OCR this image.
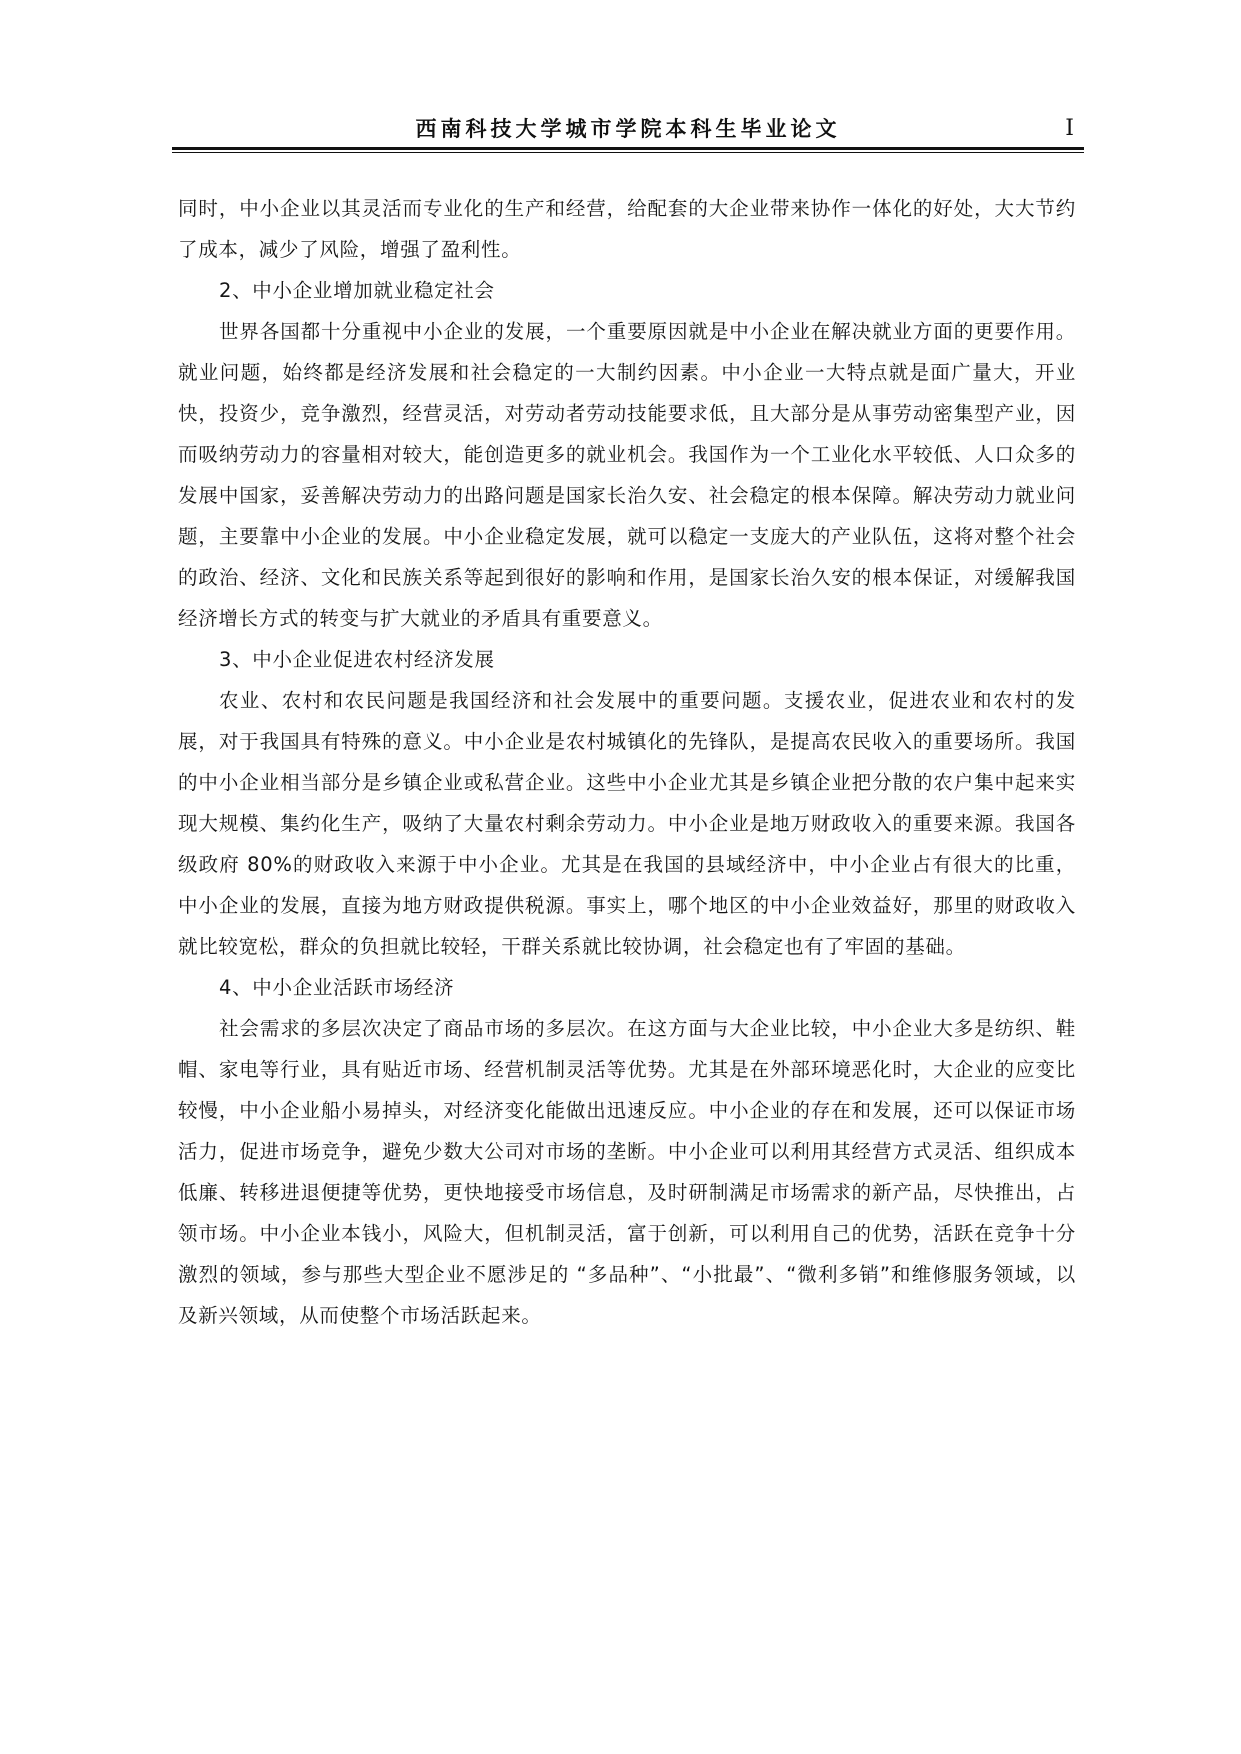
西南科技大学城市学院本科生毕业论文	I

同时，中小企业以其灵活而专业化的生产和经营，给配套的大企业带来协作一体化的好处，大大节约了成本，减少了风险，增强了盈利性。

2、中小企业增加就业稳定社会

世界各国都十分重视中小企业的发展，一个重要原因就是中小企业在解决就业方面的更要作用。就业问题，始终都是经济发展和社会稳定的一大制约因素。中小企业一大特点就是面广量大，开业快，投资少，竞争激烈，经营灵活，对劳动者劳动技能要求低，且大部分是从事劳动密集型产业，因而吸纳劳动力的容量相对较大，能创造更多的就业机会。我国作为一个工业化水平较低、人口众多的发展中国家，妥善解决劳动力的出路问题是国家长治久安、社会稳定的根本保障。解决劳动力就业问题，主要靠中小企业的发展。中小企业稳定发展，就可以稳定一支庞大的产业队伍，这将对整个社会的政治、经济、文化和民族关系等起到很好的影响和作用，是国家长治久安的根本保证，对缓解我国经济增长方式的转变与扩大就业的矛盾具有重要意义。

3、中小企业促进农村经济发展

农业、农村和农民问题是我国经济和社会发展中的重要问题。支援农业，促进农业和农村的发展，对于我国具有特殊的意义。中小企业是农村城镇化的先锋队，是提高农民收入的重要场所。我国的中小企业相当部分是乡镇企业或私营企业。这些中小企业尤其是乡镇企业把分散的农户集中起来实现大规模、集约化生产，吸纳了大量农村剩余劳动力。中小企业是地万财政收入的重要来源。我国各级政府 80%的财政收入来源于中小企业。尤其是在我国的县域经济中，中小企业占有很大的比重，中小企业的发展，直接为地方财政提供税源。事实上，哪个地区的中小企业效益好，那里的财政收入就比较宽松，群众的负担就比较轻，干群关系就比较协调，社会稳定也有了牢固的基础。

4、中小企业活跃市场经济

社会需求的多层次决定了商品市场的多层次。在这方面与大企业比较，中小企业大多是纺织、鞋帽、家电等行业，具有贴近市场、经营机制灵活等优势。尤其是在外部环境恶化时，大企业的应变比较慢，中小企业船小易掉头，对经济变化能做出迅速反应。中小企业的存在和发展，还可以保证市场活力，促进市场竞争，避免少数大公司对市场的垄断。中小企业可以利用其经营方式灵活、组织成本低廉、转移进退便捷等优势，更快地接受市场信息，及时研制满足市场需求的新产品，尽快推出，占领市场。中小企业本钱小，风险大，但机制灵活，富于创新，可以利用自己的优势，活跃在竞争十分激烈的领域，参与那些大型企业不愿涉足的 “多品种”、“小批最”、“微利多销”和维修服务领域，以及新兴领域，从而使整个市场活跃起来。
